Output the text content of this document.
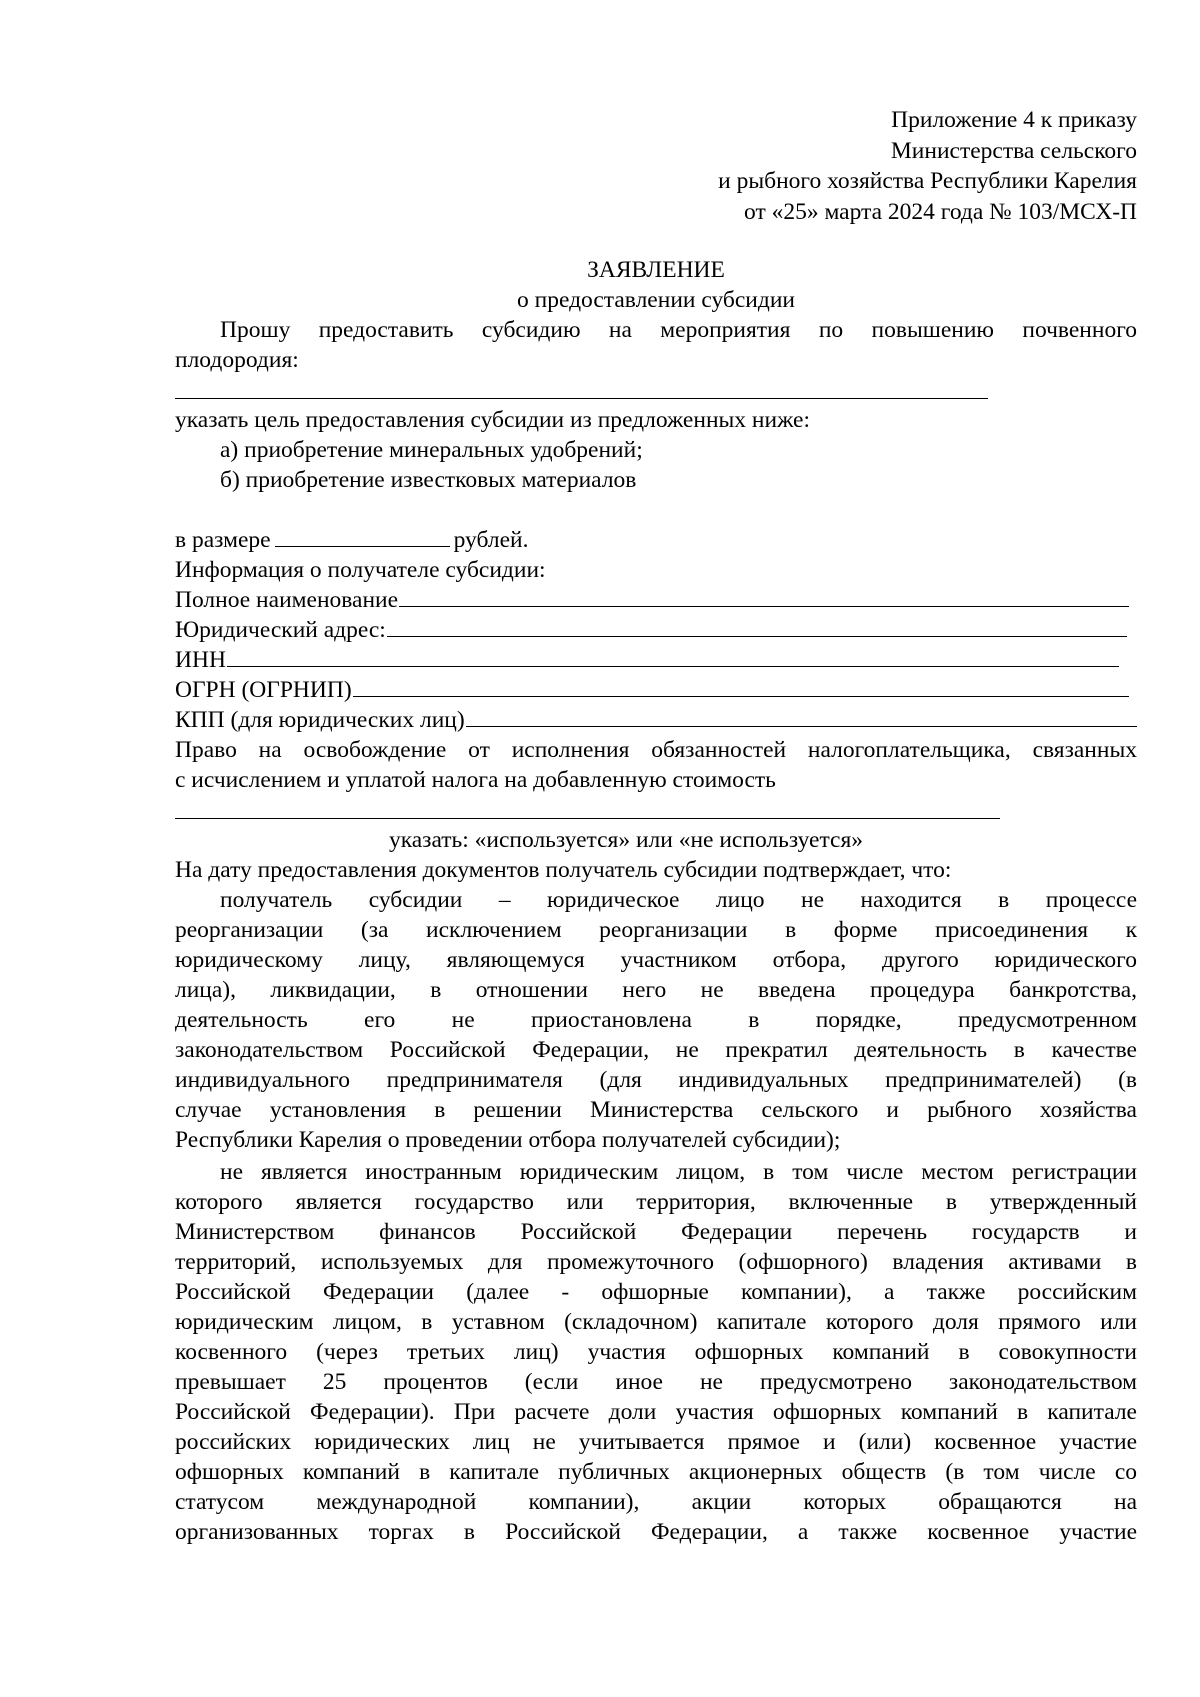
Приложение 4 к приказу
Министерства сельского
и рыбного хозяйства Республики Карелия
от «25» марта 2024 года № 103/МСХ-П
ЗАЯВЛЕНИЕ
о предоставлении субсидии
Прошу предоставить субсидию на мероприятия по повышению почвенного
плодородия:
указать цель предоставления субсидии из предложенных ниже:
а) приобретение минеральных удобрений;
б) приобретение известковых материалов
в размере	рублей.
Информация о получателе субсидии:
Полное наименование
Юридический адрес:
ИНН
ОГРН (ОГРНИП)
КПП (для юридических лиц)
Право на освобождение от исполнения обязанностей налогоплательщика, связанных
с исчислением и уплатой налога на добавленную стоимость
указать: «используется» или «не используется»
На дату предоставления документов получатель субсидии подтверждает, что:
получатель субсидии – юридическое лицо не находится в процессе
реорганизации (за исключением реорганизации в форме присоединения к
юридическому лицу, являющемуся участником отбора, другого юридического
лица), ликвидации, в отношении него не введена процедура банкротства,
деятельность его не приостановлена в порядке, предусмотренном
законодательством Российской Федерации, не прекратил деятельность в качестве
индивидуального предпринимателя (для индивидуальных предпринимателей) (в
случае установления в решении Министерства сельского и рыбного хозяйства
Республики Карелия о проведении отбора получателей субсидии);
не является иностранным юридическим лицом, в том числе местом регистрации
которого является государство или территория, включенные в утвержденный
Министерством финансов Российской Федерации перечень государств и
территорий, используемых для промежуточного (офшорного) владения активами в
Российской Федерации (далее - офшорные компании), а также российским
юридическим лицом, в уставном (складочном) капитале которого доля прямого или
косвенного (через третьих лиц) участия офшорных компаний в совокупности
превышает 25 процентов (если иное не предусмотрено законодательством
Российской Федерации). При расчете доли участия офшорных компаний в капитале
российских юридических лиц не учитывается прямое и (или) косвенное участие
офшорных компаний в капитале публичных акционерных обществ (в том числе со
статусом международной компании), акции которых обращаются на
организованных торгах в Российской Федерации, а также косвенное участие
